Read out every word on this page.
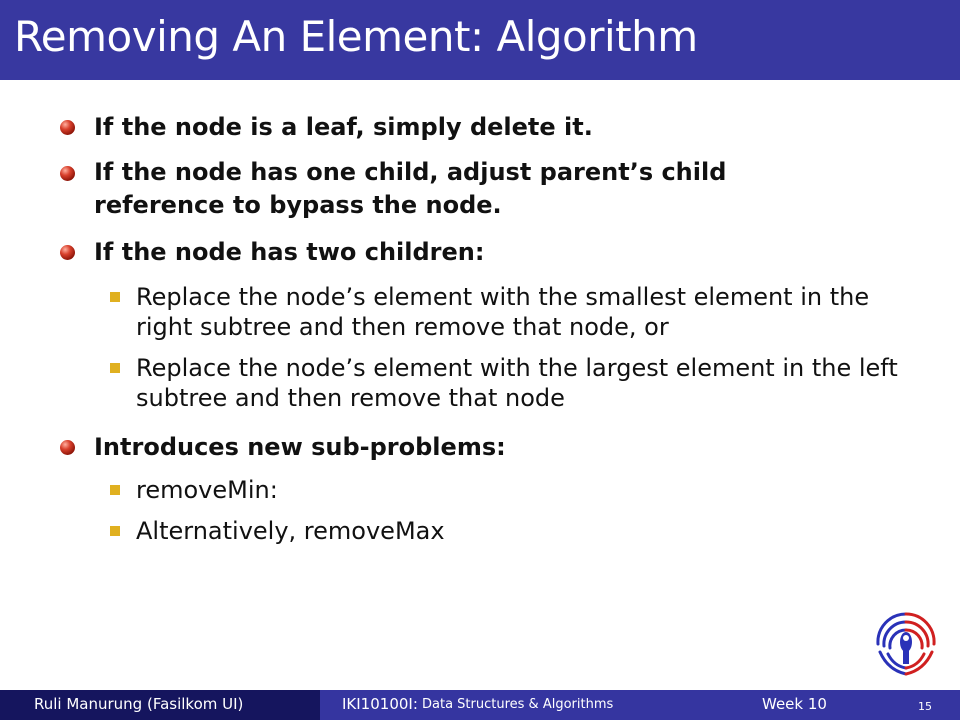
Removing An Element: Algorithm
If the node is a leaf, simply delete it.
If the node has one child, adjust parent’s child reference to bypass the node.
If the node has two children:
Replace the node’s element with the smallest element in the right subtree and then remove that node, or
Replace the node’s element with the largest element in the left subtree and then remove that node
Introduces new sub-problems:
removeMin:
Alternatively, removeMax
Ruli Manurung (Fasilkom UI)	IKI10100I: Data Structures & Algorithms	Week 10	15
